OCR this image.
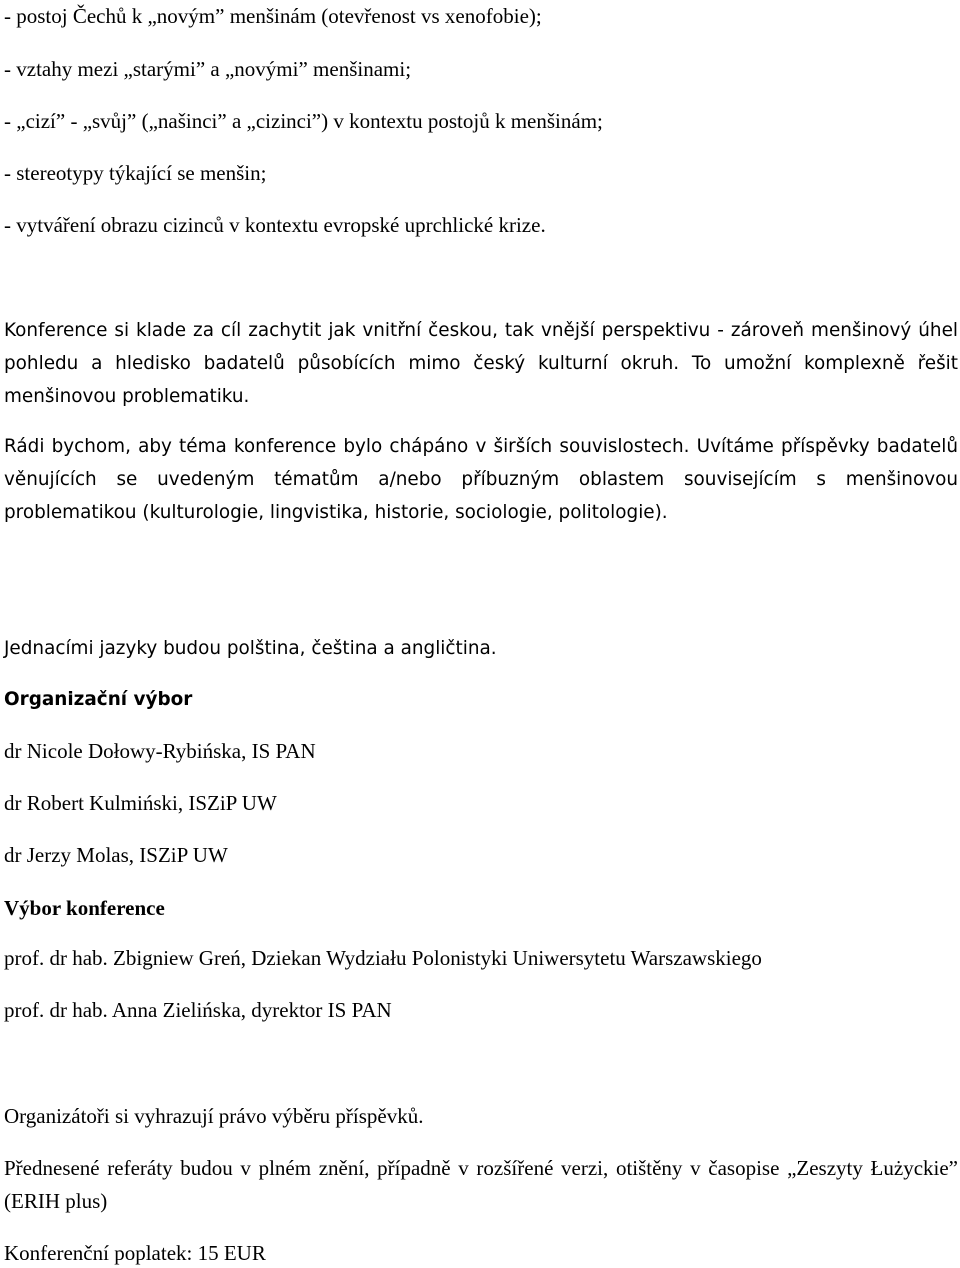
- postoj Čechů k „novým” menšinám (otevřenost vs xenofobie);
- vztahy mezi „starými” a „novými” menšinami;
- „cizí” - „svůj” („našinci” a „cizinci”) v kontextu postojů k menšinám;
- stereotypy týkající se menšin;
- vytváření obrazu cizinců v kontextu evropské uprchlické krize.
Konference si klade za cíl zachytit jak vnitřní českou, tak vnější perspektivu - zároveň menšinový úhel pohledu a hledisko badatelů působících mimo český kulturní okruh. To umožní komplexně řešit menšinovou problematiku.
Rádi bychom, aby téma konference bylo chápáno v širších souvislostech. Uvítáme příspěvky badatelů věnujících se uvedeným tématům a/nebo příbuzným oblastem souvisejícím s menšinovou problematikou (kulturologie, lingvistika, historie, sociologie, politologie).
Jednacími jazyky budou polština, čeština a angličtina.
Organizační výbor
dr Nicole Dołowy-Rybińska, IS PAN
dr Robert Kulmiński, ISZiP UW
dr Jerzy Molas, ISZiP UW
Výbor konference
prof. dr hab. Zbigniew Greń, Dziekan Wydziału Polonistyki Uniwersytetu Warszawskiego
prof. dr hab. Anna Zielińska, dyrektor IS PAN
Organizátoři si vyhrazují právo výběru příspěvků.
Přednesené referáty budou v plném znění, případně v rozšířené verzi, otištěny v časopise „Zeszyty Łużyckie” (ERIH plus)
Konferenční poplatek: 15 EUR
